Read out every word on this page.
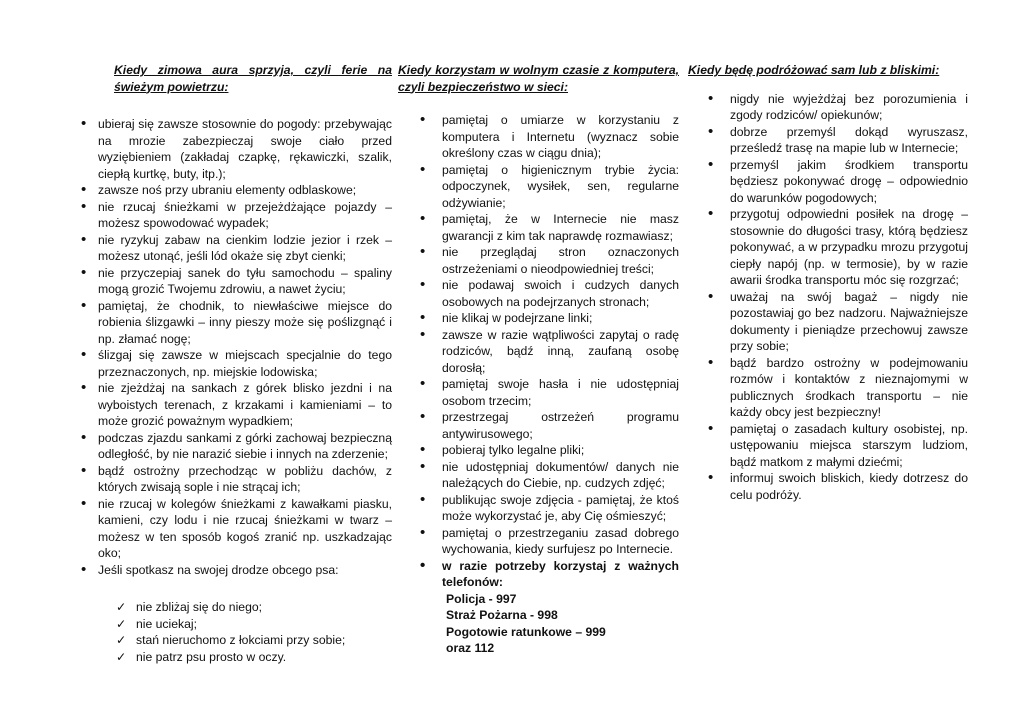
Kiedy zimowa aura sprzyja, czyli ferie na świeżym powietrzu:

• ubieraj się zawsze stosownie do pogody: przebywając na mrozie zabezpieczaj swoje ciało przed wyziębieniem (zakładaj czapkę, rękawiczki, szalik, ciepłą kurtkę, buty, itp.);
• zawsze noś przy ubraniu elementy odblaskowe;
• nie rzucaj śnieżkami w przejeżdżające pojazdy – możesz spowodować wypadek;
• nie ryzykuj zabaw na cienkim lodzie jezior i rzek – możesz utonąć, jeśli lód okaże się zbyt cienki;
• nie przyczepiaj sanek do tyłu samochodu – spaliny mogą grozić Twojemu zdrowiu, a nawet życiu;
• pamiętaj, że chodnik, to niewłaściwe miejsce do robienia ślizgawki – inny pieszy może się poślizgnąć i np. złamać nogę;
• ślizgaj się zawsze w miejscach specjalnie do tego przeznaczonych, np. miejskie lodowiska;
• nie zjeżdżaj na sankach z górek blisko jezdni i na wyboistych terenach, z krzakami i kamieniami – to może grozić poważnym wypadkiem;
• podczas zjazdu sankami z górki zachowaj bezpieczną odległość, by nie narazić siebie i innych na zderzenie;
• bądź ostrożny przechodząc w pobliżu dachów, z których zwisają sople i nie strącaj ich;
• nie rzucaj w kolegów śnieżkami z kawałkami piasku, kamieni, czy lodu i nie rzucaj śnieżkami w twarz – możesz w ten sposób kogoś zranić np. uszkadzając oko;
• Jeśli spotkasz na swojej drodze obcego psa:
✓ nie zbliżaj się do niego;
✓ nie uciekaj;
✓ stań nieruchomo z łokciami przy sobie;
✓ nie patrz psu prosto w oczy.

Kiedy korzystam w wolnym czasie z komputera, czyli bezpieczeństwo w sieci:

• pamiętaj o umiarze w korzystaniu z komputera i Internetu (wyznacz sobie określony czas w ciągu dnia);
• pamiętaj o higienicznym trybie życia: odpoczynek, wysiłek, sen, regularne odżywianie;
• pamiętaj, że w Internecie nie masz gwarancji z kim tak naprawdę rozmawiasz;
• nie przeglądaj stron oznaczonych ostrzeżeniami o nieodpowiedniej treści;
• nie podawaj swoich i cudzych danych osobowych na podejrzanych stronach;
• nie klikaj w podejrzane linki;
• zawsze w razie wątpliwości zapytaj o radę rodziców, bądź inną, zaufaną osobę dorosłą;
• pamiętaj swoje hasła i nie udostępniaj osobom trzecim;
• przestrzegaj ostrzeżeń programu antywirusowego;
• pobieraj tylko legalne pliki;
• nie udostępniaj dokumentów/ danych nie należących do Ciebie, np. cudzych zdjęć;
• publikując swoje zdjęcia - pamiętaj, że ktoś może wykorzystać je, aby Cię ośmieszyć;
• pamiętaj o przestrzeganiu zasad dobrego wychowania, kiedy surfujesz po Internecie.
• w razie potrzeby korzystaj z ważnych telefonów:
Policja - 997
Straż Pożarna - 998
Pogotowie ratunkowe – 999
oraz 112

Kiedy będę podróżować sam lub z bliskimi:

• nigdy nie wyjeżdżaj bez porozumienia i zgody rodziców/ opiekunów;
• dobrze przemyśl dokąd wyruszasz, prześledź trasę na mapie lub w Internecie;
• przemyśl jakim środkiem transportu będziesz pokonywać drogę – odpowiednio do warunków pogodowych;
• przygotuj odpowiedni posiłek na drogę – stosownie do długości trasy, którą będziesz pokonywać, a w przypadku mrozu przygotuj ciepły napój (np. w termosie), by w razie awarii środka transportu móc się rozgrzać;
• uważaj na swój bagaż – nigdy nie pozostawiaj go bez nadzoru. Najważniejsze dokumenty i pieniądze przechowuj zawsze przy sobie;
• bądź bardzo ostrożny w podejmowaniu rozmów i kontaktów z nieznajomymi w publicznych środkach transportu – nie każdy obcy jest bezpieczny!
• pamiętaj o zasadach kultury osobistej, np. ustępowaniu miejsca starszym ludziom, bądź matkom z małymi dziećmi;
• informuj swoich bliskich, kiedy dotrzesz do celu podróży.
